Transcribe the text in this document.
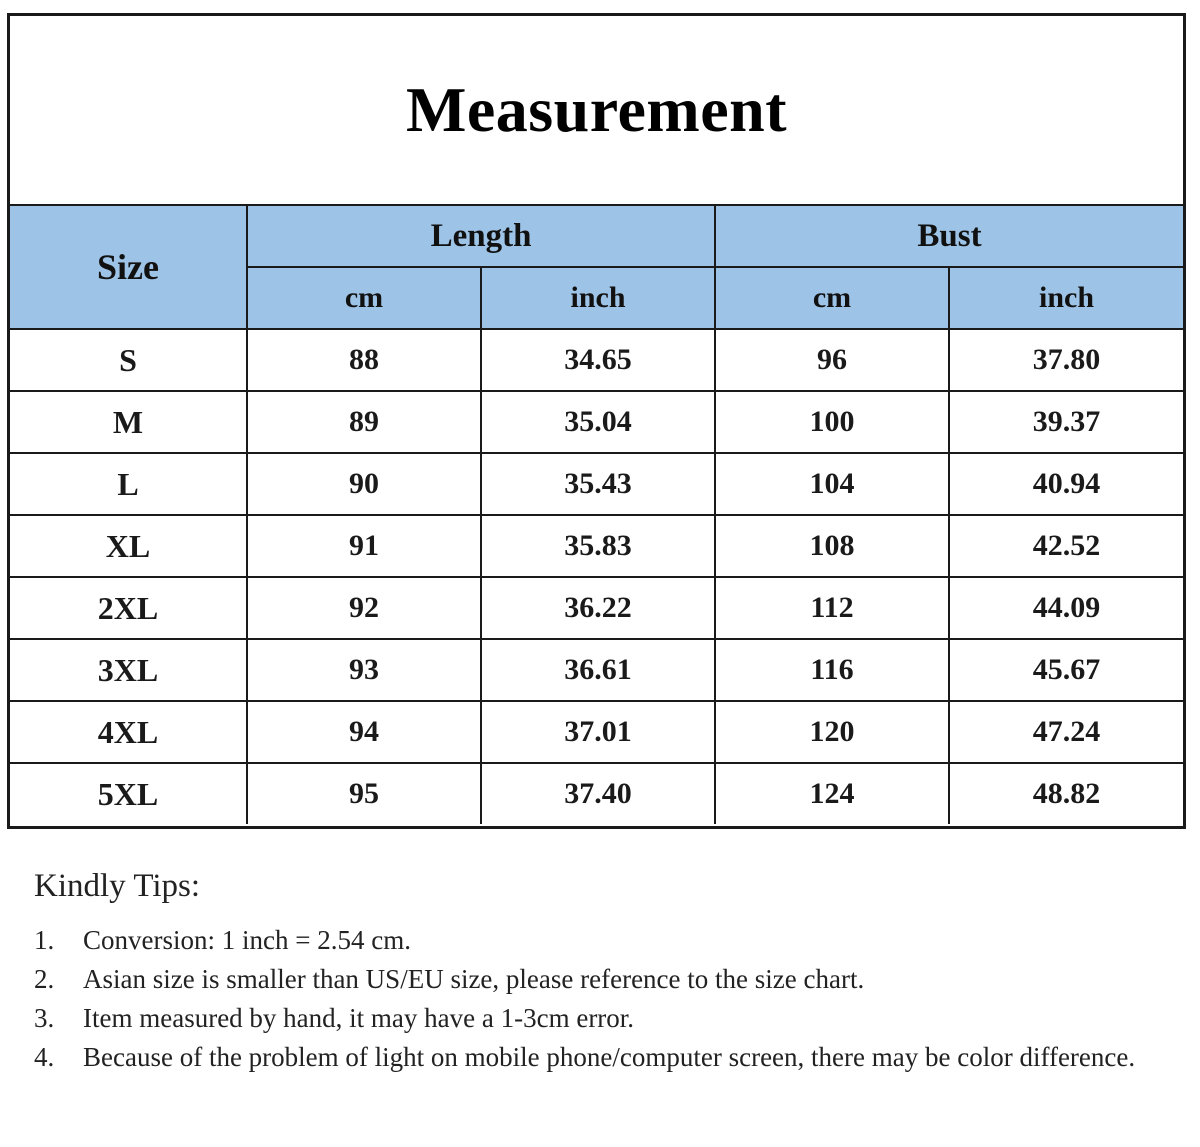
Measurement
Size	Length		Bust	
	cm	inch	cm	inch
S	88	34.65	96	37.80
M	89	35.04	100	39.37
L	90	35.43	104	40.94
XL	91	35.83	108	42.52
2XL	92	36.22	112	44.09
3XL	93	36.61	116	45.67
4XL	94	37.01	120	47.24
5XL	95	37.40	124	48.82
Kindly Tips:
1.	Conversion: 1 inch = 2.54 cm.
2.	Asian size is smaller than US/EU size, please reference to the size chart.
3.	Item measured by hand, it may have a 1-3cm error.
4.	Because of the problem of light on mobile phone/computer screen, there may be color difference.
